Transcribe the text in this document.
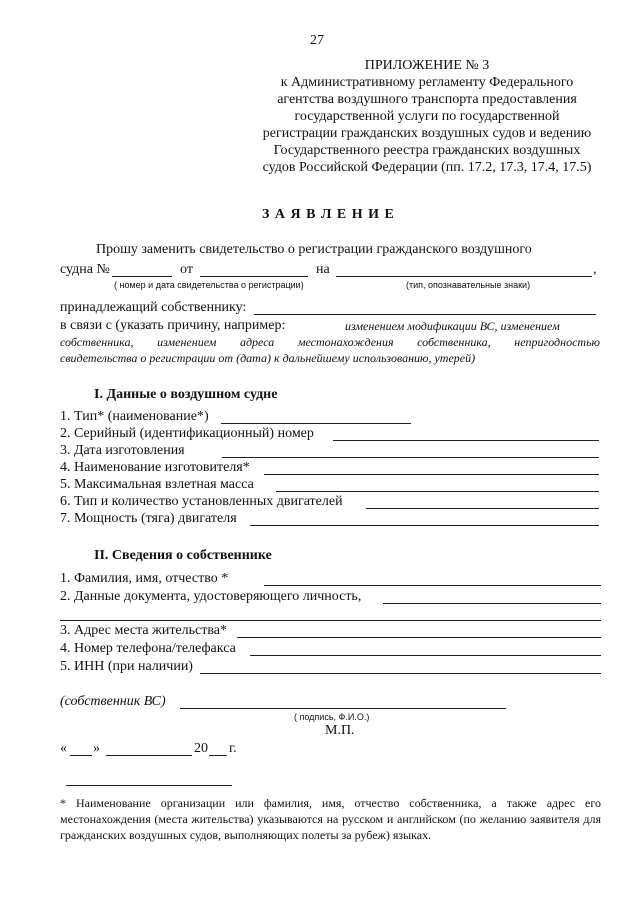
27
ПРИЛОЖЕНИЕ № 3
к Административному регламенту Федерального
агентства воздушного транспорта предоставления
государственной услуги по государственной
регистрации гражданских воздушных судов и ведению
Государственного реестра гражданских воздушных
судов Российской Федерации (пп. 17.2, 17.3, 17.4, 17.5)
З А Я В Л Е Н И Е
Прошу заменить свидетельство о регистрации гражданского воздушного
судна №	от	на	,
( номер и дата свидетельства о регистрации)	(тип, опознавательные знаки)
принадлежащий собственнику:
в связи с (указать причину, например:	изменением модификации ВС, изменением
собственника, изменением адреса местонахождения собственника, непригодностью
свидетельства о регистрации от (дата) к дальнейшему использованию, утерей)
I. Данные о воздушном судне
1. Тип* (наименование*)
2. Серийный (идентификационный) номер
3. Дата изготовления
4. Наименование изготовителя*
5. Максимальная взлетная масса
6. Тип и количество установленных двигателей
7. Мощность (тяга) двигателя
II. Сведения о собственнике
1. Фамилия, имя, отчество *
2. Данные документа, удостоверяющего личность,
3. Адрес места жительства*
4. Номер телефона/телефакса
5. ИНН (при наличии)
(собственник ВС)
( подпись, Ф.И.О.)
М.П.
« »	20 г.
* Наименование организации или фамилия, имя, отчество собственника, а также адрес его местонахождения (места жительства) указываются на русском и английском (по желанию заявителя для гражданских воздушных судов, выполняющих полеты за рубеж) языках.
